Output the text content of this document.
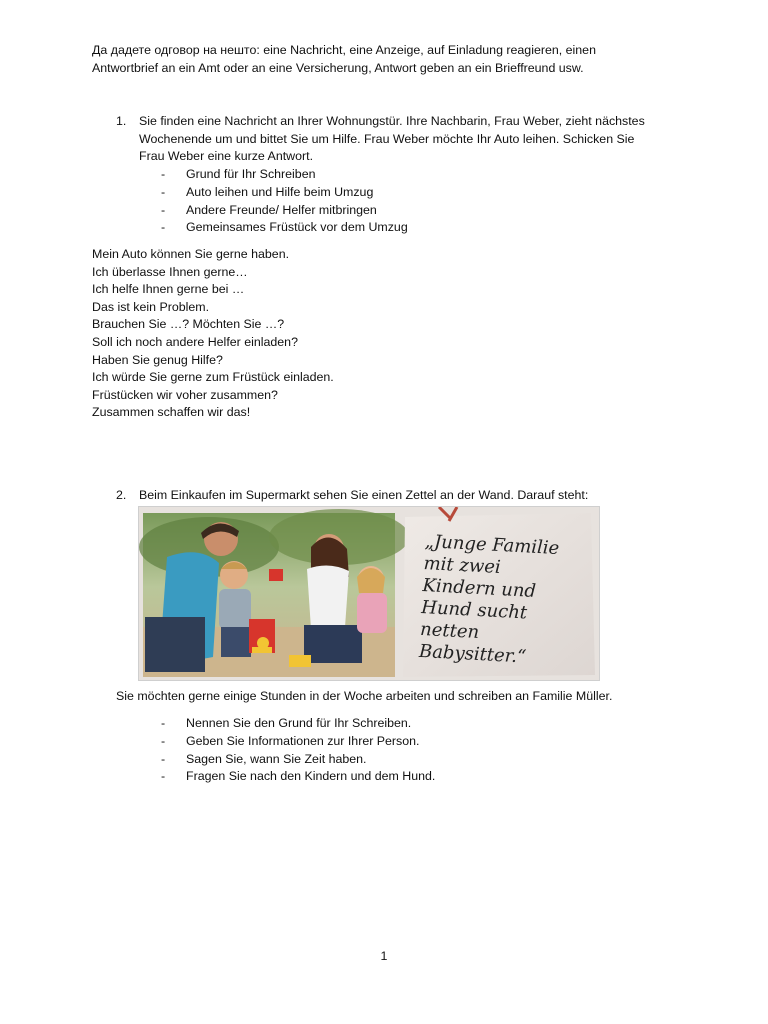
Да дадете одговор на нешто: eine Nachricht, eine Anzeige, auf Einladung reagieren, einen
Antwortbrief an ein Amt oder an eine Versicherung, Antwort geben an ein Brieffreund usw.
1. Sie finden eine Nachricht an Ihrer Wohnungstür. Ihre Nachbarin, Frau Weber, zieht nächstes
Wochenende um und bittet Sie um Hilfe. Frau Weber möchte Ihr Auto leihen. Schicken Sie
Frau Weber eine kurze Antwort.
- Grund für Ihr Schreiben
- Auto leihen und Hilfe beim Umzug
- Andere Freunde/ Helfer mitbringen
- Gemeinsames Früstück vor dem Umzug
Mein Auto können Sie gerne haben.
Ich überlasse Ihnen gerne…
Ich helfe Ihnen gerne bei …
Das ist kein Problem.
Brauchen Sie …? Möchten Sie …?
Soll ich noch andere Helfer einladen?
Haben Sie genug Hilfe?
Ich würde Sie gerne zum Früstück einladen.
Früstücken wir voher zusammen?
Zusammen schaffen wir das!
2. Beim Einkaufen im Supermarkt sehen Sie einen Zettel an der Wand. Darauf steht:
„Junge Familie
mit zwei
Kindern und
Hund sucht
netten
Babysitter.“
Sie möchten gerne einige Stunden in der Woche arbeiten und schreiben an Familie Müller.
- Nennen Sie den Grund für Ihr Schreiben.
- Geben Sie Informationen zur Ihrer Person.
- Sagen Sie, wann Sie Zeit haben.
- Fragen Sie nach den Kindern und dem Hund.
1
